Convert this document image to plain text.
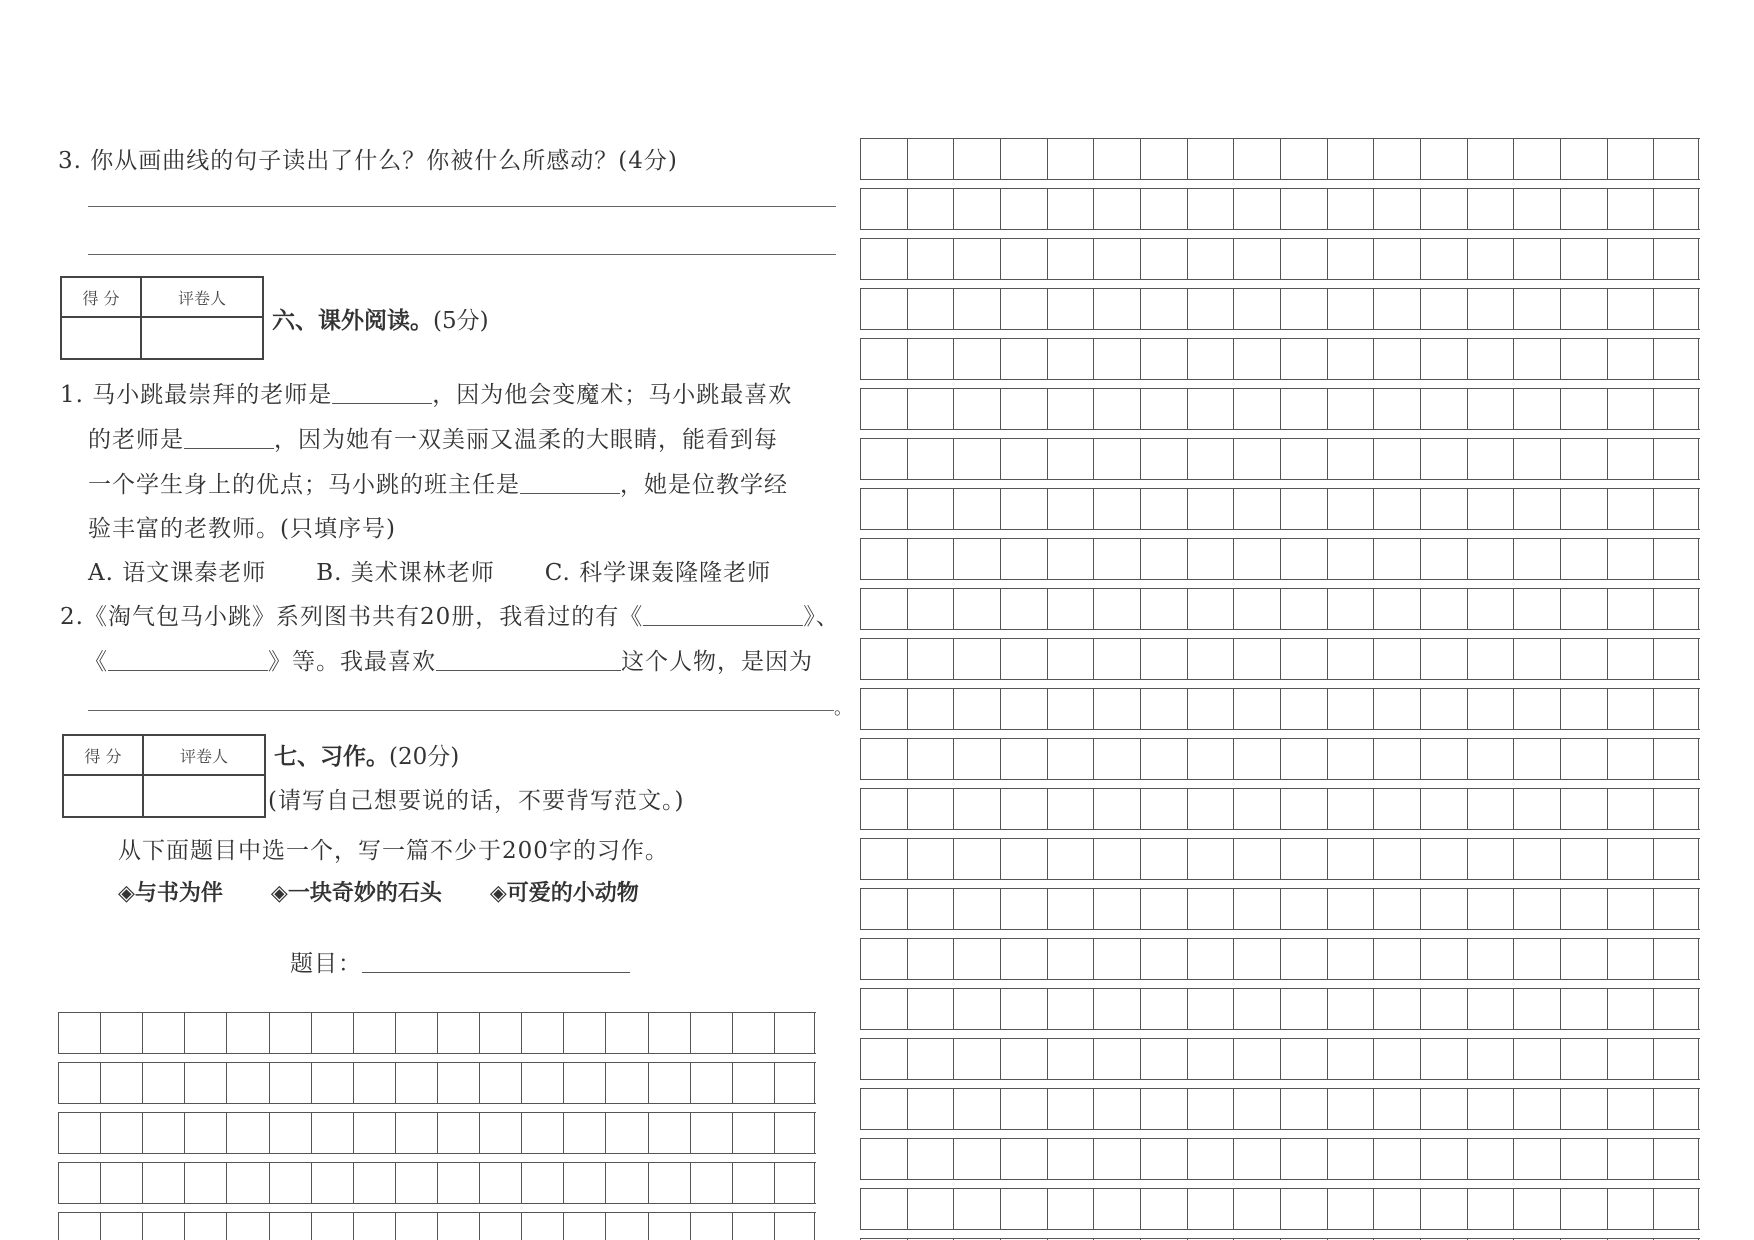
3. 你从画曲线的句子读出了什么？你被什么所感动？(4分)
得 分	评卷人
六、课外阅读。(5分)
1. 马小跳最崇拜的老师是	，因为他会变魔术；马小跳最喜欢
的老师是	，因为她有一双美丽又温柔的大眼睛，能看到每
一个学生身上的优点；马小跳的班主任是	，她是位教学经
验丰富的老教师。(只填序号)
A. 语文课秦老师 B. 美术课林老师 C. 科学课轰隆隆老师
2.《淘气包马小跳》系列图书共有20册，我看过的有《	》、
《	》等。我最喜欢	这个人物，是因为
。
得 分	评卷人	七、习作。(20分)
(请写自己想要说的话，不要背写范文。)
从下面题目中选一个，写一篇不少于200字的习作。
◈与书为伴 ◈一块奇妙的石头 ◈可爱的小动物
题目：
